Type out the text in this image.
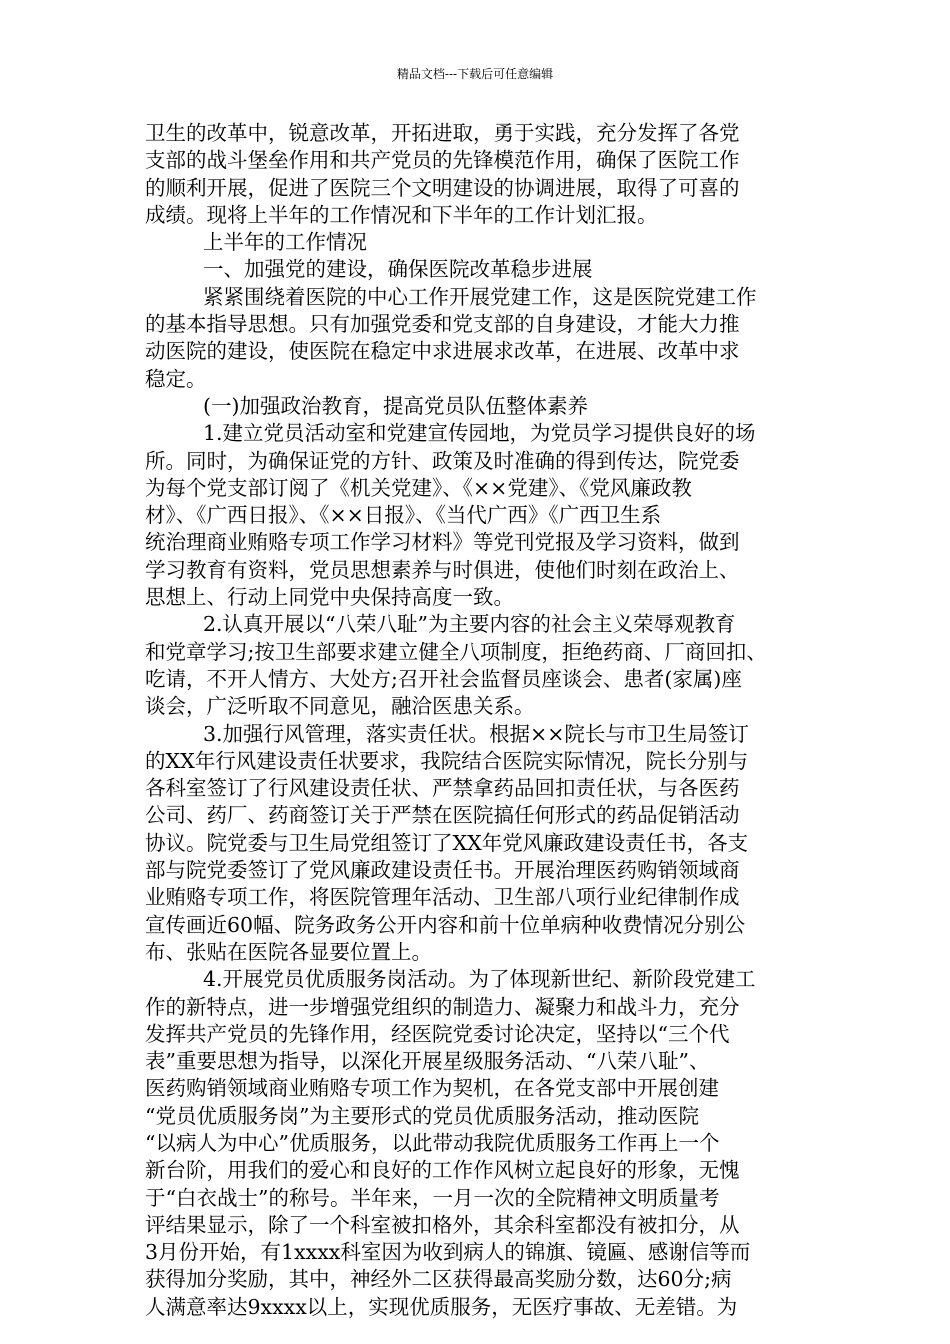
精品文档---下载后可任意编辑
卫生的改革中，锐意改革，开拓进取，勇于实践，充分发挥了各党
支部的战斗堡垒作用和共产党员的先锋模范作用，确保了医院工作
的顺利开展，促进了医院三个文明建设的协调进展，取得了可喜的
成绩。现将上半年的工作情况和下半年的工作计划汇报。
上半年的工作情况
一、加强党的建设，确保医院改革稳步进展
紧紧围绕着医院的中心工作开展党建工作，这是医院党建工作
的基本指导思想。只有加强党委和党支部的自身建设，才能大力推
动医院的建设，使医院在稳定中求进展求改革，在进展、改革中求
稳定。
(一)加强政治教育，提高党员队伍整体素养
1.建立党员活动室和党建宣传园地，为党员学习提供良好的场
所。同时，为确保证党的方针、政策及时准确的得到传达，院党委
为每个党支部订阅了《机关党建》、《××党建》、《党风廉政教
材》、《广西日报》、《××日报》、《当代广西》《广西卫生系
统治理商业贿赂专项工作学习材料》等党刊党报及学习资料，做到
学习教育有资料，党员思想素养与时俱进，使他们时刻在政治上、
思想上、行动上同党中央保持高度一致。
2.认真开展以“八荣八耻”为主要内容的社会主义荣辱观教育
和党章学习;按卫生部要求建立健全八项制度，拒绝药商、厂商回扣、
吃请，不开人情方、大处方;召开社会监督员座谈会、患者(家属)座
谈会，广泛听取不同意见，融洽医患关系。
3.加强行风管理，落实责任状。根据××院长与市卫生局签订
的XX年行风建设责任状要求，我院结合医院实际情况，院长分别与
各科室签订了行风建设责任状、严禁拿药品回扣责任状，与各医药
公司、药厂、药商签订关于严禁在医院搞任何形式的药品促销活动
协议。院党委与卫生局党组签订了XX年党风廉政建设责任书，各支
部与院党委签订了党风廉政建设责任书。开展治理医药购销领域商
业贿赂专项工作，将医院管理年活动、卫生部八项行业纪律制作成
宣传画近60幅、院务政务公开内容和前十位单病种收费情况分别公
布、张贴在医院各显要位置上。
4.开展党员优质服务岗活动。为了体现新世纪、新阶段党建工
作的新特点，进一步增强党组织的制造力、凝聚力和战斗力，充分
发挥共产党员的先锋作用，经医院党委讨论决定，坚持以“三个代
表”重要思想为指导，以深化开展星级服务活动、“八荣八耻”、
医药购销领域商业贿赂专项工作为契机，在各党支部中开展创建
“党员优质服务岗”为主要形式的党员优质服务活动，推动医院
“以病人为中心”优质服务，以此带动我院优质服务工作再上一个
新台阶，用我们的爱心和良好的工作作风树立起良好的形象，无愧
于“白衣战士”的称号。半年来，一月一次的全院精神文明质量考
评结果显示，除了一个科室被扣格外，其余科室都没有被扣分，从
3月份开始，有1xxxx科室因为收到病人的锦旗、镜匾、感谢信等而
获得加分奖励，其中，神经外二区获得最高奖励分数，达60分;病
人满意率达9xxxx以上，实现优质服务，无医疗事故、无差错。为
